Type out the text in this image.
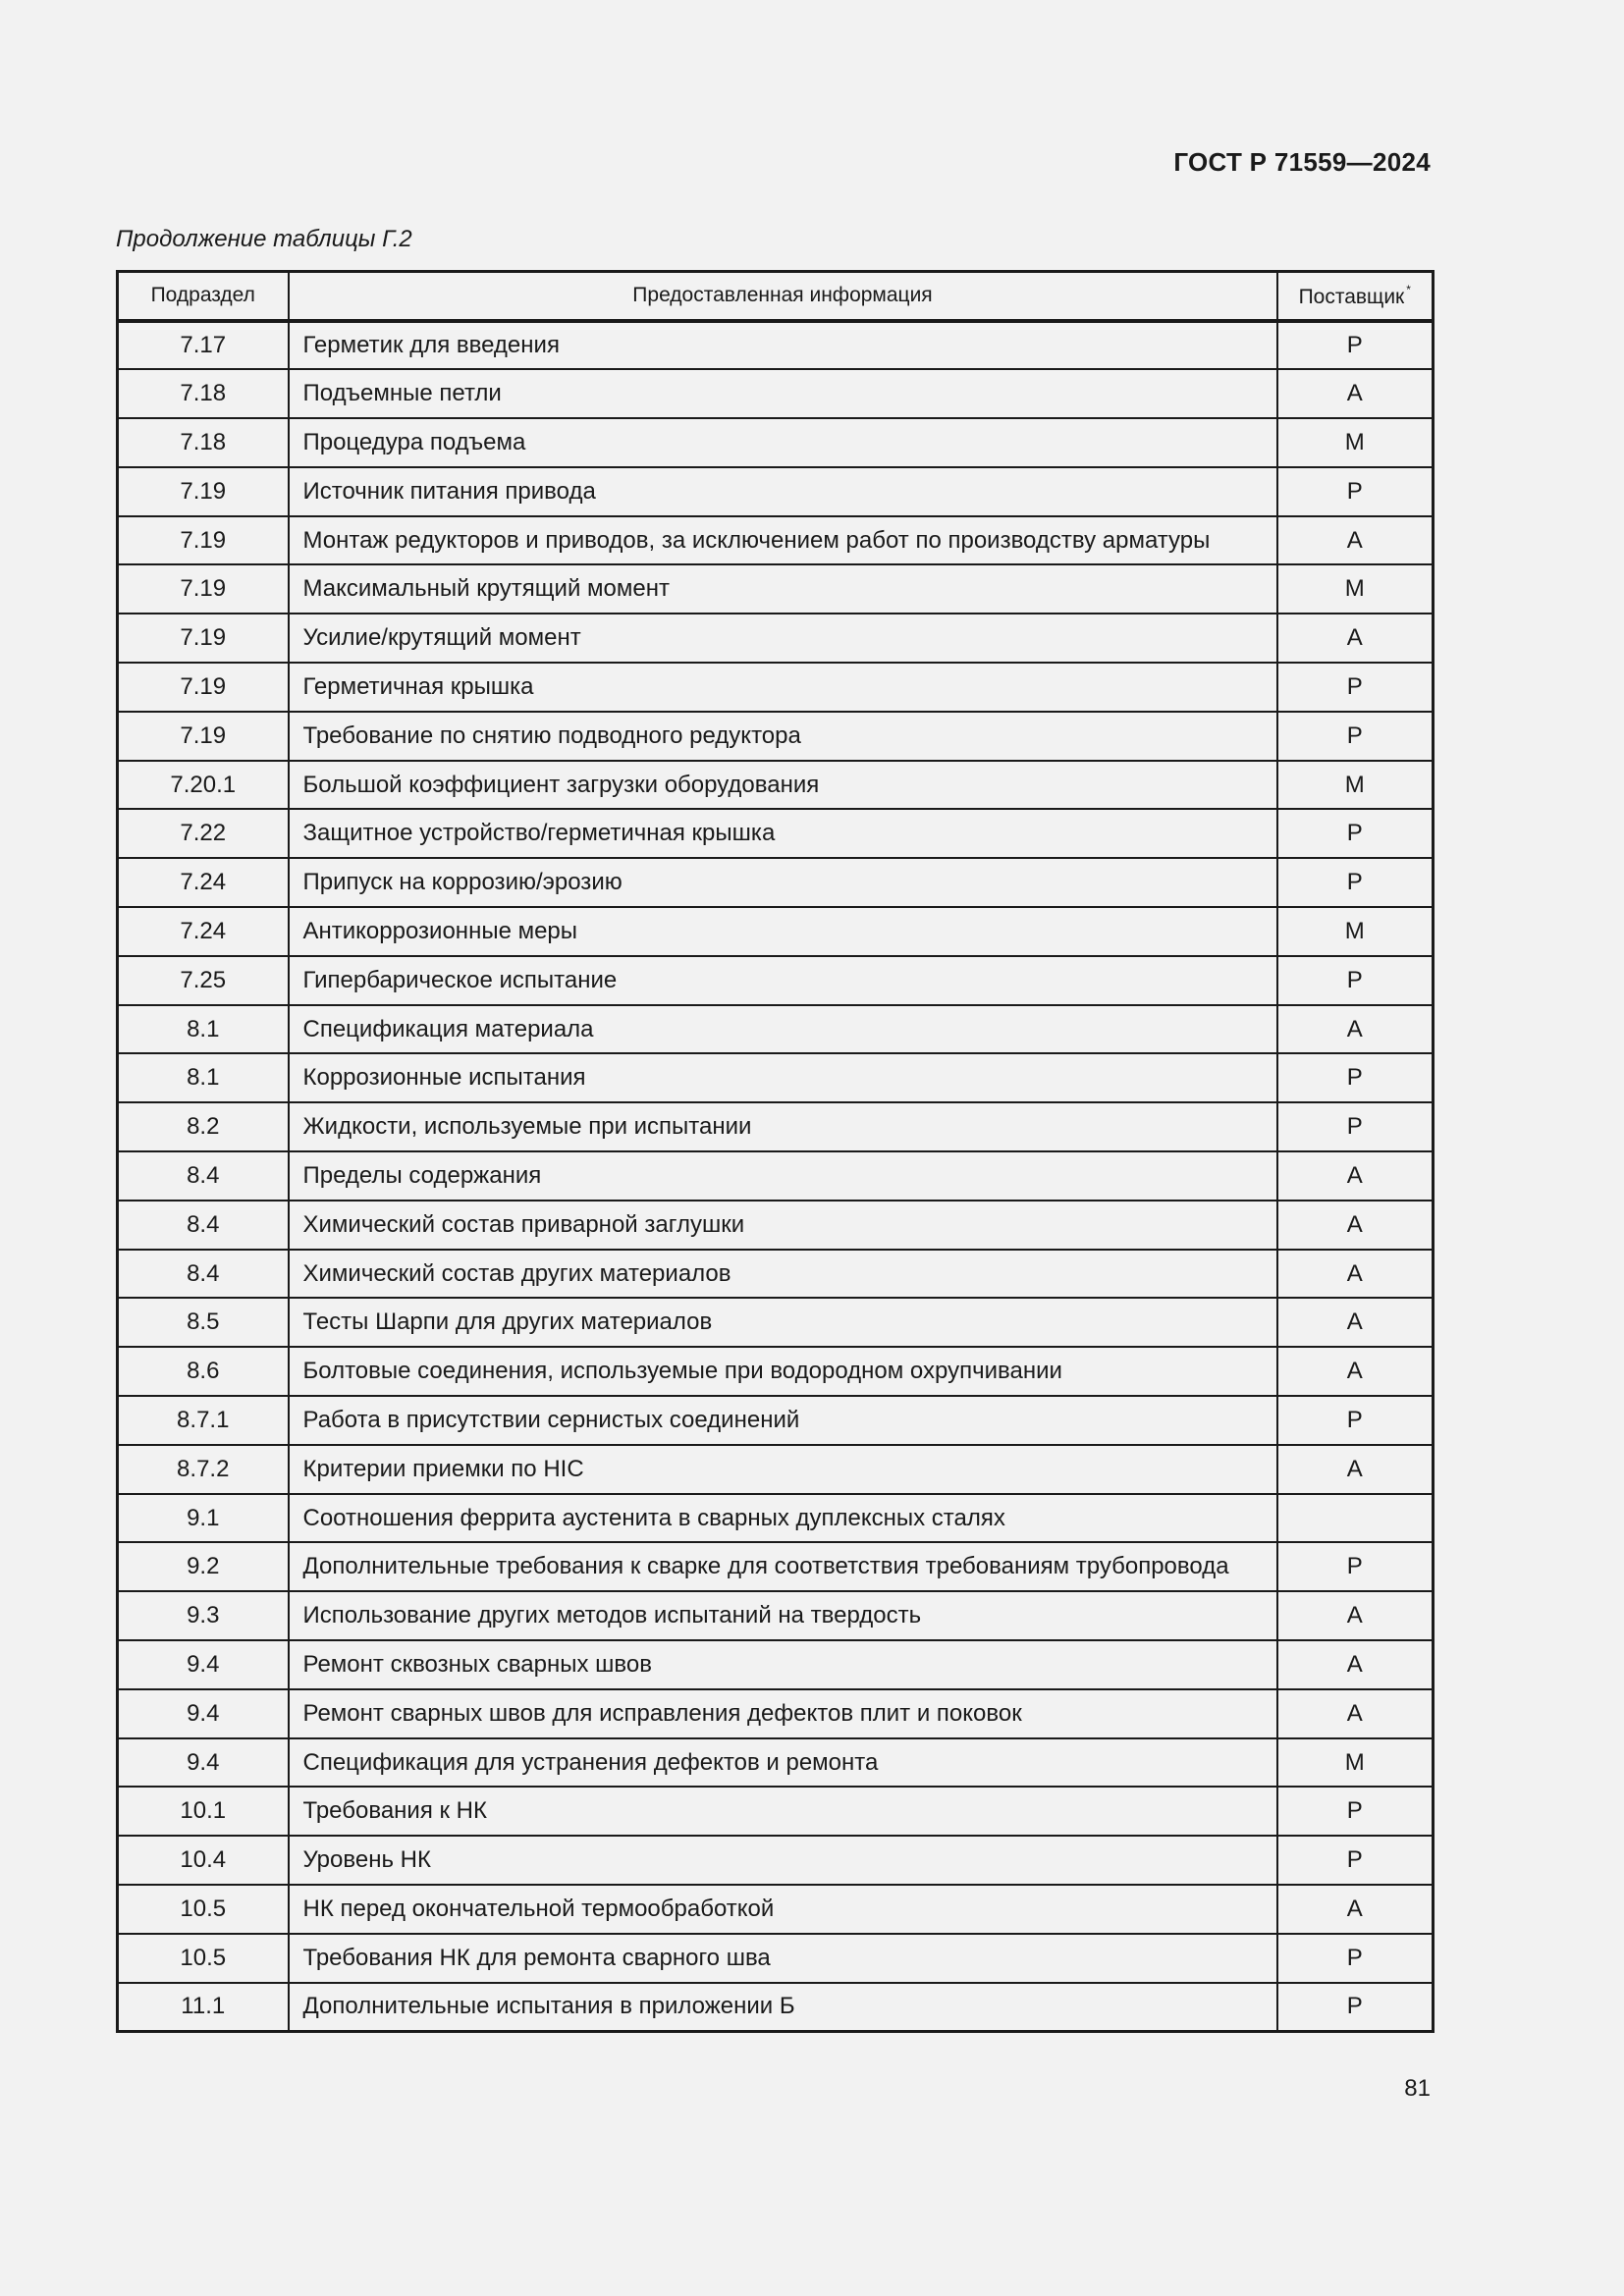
ГОСТ Р 71559—2024
Продолжение таблицы Г.2
Подраздел	Предоставленная информация	Поставщик *
7.17	Герметик для введения	P
7.18	Подъемные петли	A
7.18	Процедура подъема	M
7.19	Источник питания привода	P
7.19	Монтаж редукторов и приводов, за исключением работ по производству арматуры	A
7.19	Максимальный крутящий момент	M
7.19	Усилие/крутящий момент	A
7.19	Герметичная крышка	P
7.19	Требование по снятию подводного редуктора	P
7.20.1	Большой коэффициент загрузки оборудования	M
7.22	Защитное устройство/герметичная крышка	P
7.24	Припуск на коррозию/эрозию	P
7.24	Антикоррозионные меры	M
7.25	Гипербарическое испытание	P
8.1	Спецификация материала	A
8.1	Коррозионные испытания	P
8.2	Жидкости, используемые при испытании	P
8.4	Пределы содержания	A
8.4	Химический состав приварной заглушки	A
8.4	Химический состав других материалов	A
8.5	Тесты Шарпи для других материалов	A
8.6	Болтовые соединения, используемые при водородном охрупчивании	A
8.7.1	Работа в присутствии сернистых соединений	P
8.7.2	Критерии приемки по HIC	A
9.1	Соотношения феррита аустенита в сварных дуплексных сталях	
9.2	Дополнительные требования к сварке для соответствия требованиям трубопровода	P
9.3	Использование других методов испытаний на твердость	A
9.4	Ремонт сквозных сварных швов	A
9.4	Ремонт сварных швов для исправления дефектов плит и поковок	A
9.4	Спецификация для устранения дефектов и ремонта	M
10.1	Требования к НК	P
10.4	Уровень НК	P
10.5	НК перед окончательной термообработкой	A
10.5	Требования НК для ремонта сварного шва	P
11.1	Дополнительные испытания в приложении Б	P
81
